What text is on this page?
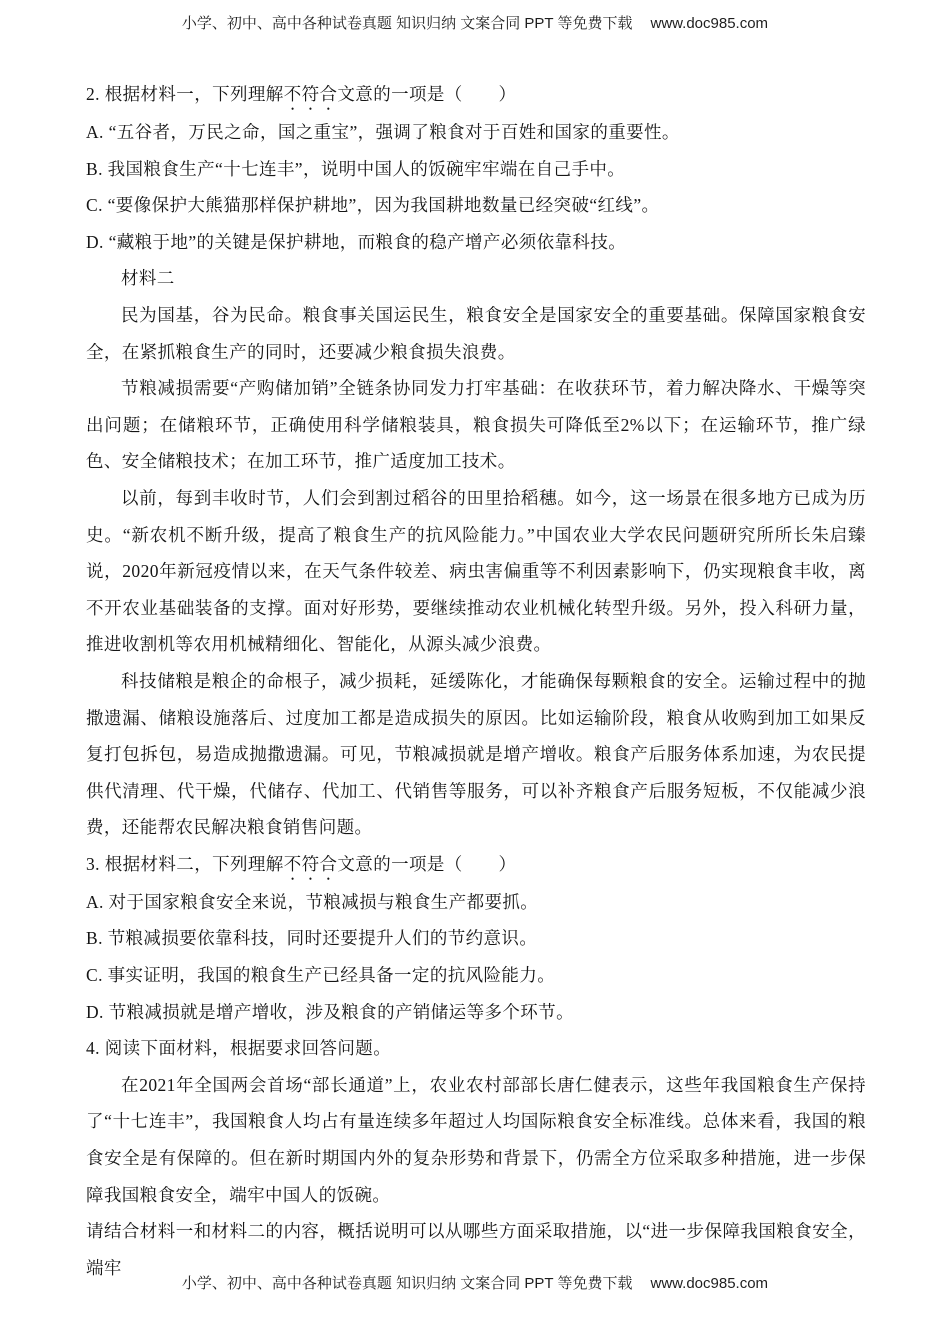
小学、初中、高中各种试卷真题 知识归纳 文案合同 PPT 等免费下载 www.doc985.com
2. 根据材料一，下列理解不符合文意的一项是（　　）
A. “五谷者，万民之命，国之重宝”，强调了粮食对于百姓和国家的重要性。
B. 我国粮食生产“十七连丰”，说明中国人的饭碗牢牢端在自己手中。
C. “要像保护大熊猫那样保护耕地”，因为我国耕地数量已经突破“红线”。
D. “藏粮于地”的关键是保护耕地，而粮食的稳产增产必须依靠科技。
材料二

民为国基，谷为民命。粮食事关国运民生，粮食安全是国家安全的重要基础。保障国家粮食安全，在紧抓粮食生产的同时，还要减少粮食损失浪费。

节粮减损需要“产购储加销”全链条协同发力打牢基础：在收获环节，着力解决降水、干燥等突出问题；在储粮环节，正确使用科学储粮装具，粮食损失可降低至2%以下；在运输环节，推广绿色、安全储粮技术；在加工环节，推广适度加工技术。

以前，每到丰收时节，人们会到割过稻谷的田里拾稻穗。如今，这一场景在很多地方已成为历史。“新农机不断升级，提高了粮食生产的抗风险能力。”中国农业大学农民问题研究所所长朱启臻说，2020年新冠疫情以来，在天气条件较差、病虫害偏重等不利因素影响下，仍实现粮食丰收，离不开农业基础装备的支撑。面对好形势，要继续推动农业机械化转型升级。另外，投入科研力量，推进收割机等农用机械精细化、智能化，从源头减少浪费。

科技储粮是粮企的命根子，减少损耗，延缓陈化，才能确保每颗粮食的安全。运输过程中的抛撒遗漏、储粮设施落后、过度加工都是造成损失的原因。比如运输阶段，粮食从收购到加工如果反复打包拆包，易造成抛撒遗漏。可见，节粮减损就是增产增收。粮食产后服务体系加速，为农民提供代清理、代干燥，代储存、代加工、代销售等服务，可以补齐粮食产后服务短板，不仅能减少浪费，还能帮农民解决粮食销售问题。

3. 根据材料二，下列理解不符合文意的一项是（　　）
A. 对于国家粮食安全来说，节粮减损与粮食生产都要抓。
B. 节粮减损要依靠科技，同时还要提升人们的节约意识。
C. 事实证明，我国的粮食生产已经具备一定的抗风险能力。
D. 节粮减损就是增产增收，涉及粮食的产销储运等多个环节。
4. 阅读下面材料，根据要求回答问题。

在2021年全国两会首场“部长通道”上，农业农村部部长唐仁健表示，这些年我国粮食生产保持了“十七连丰”，我国粮食人均占有量连续多年超过人均国际粮食安全标准线。总体来看，我国的粮食安全是有保障的。但在新时期国内外的复杂形势和背景下，仍需全方位采取多种措施，进一步保障我国粮食安全，端牢中国人的饭碗。

请结合材料一和材料二的内容，概括说明可以从哪些方面采取措施，以“进一步保障我国粮食安全，端牢
小学、初中、高中各种试卷真题 知识归纳 文案合同 PPT 等免费下载 www.doc985.com
